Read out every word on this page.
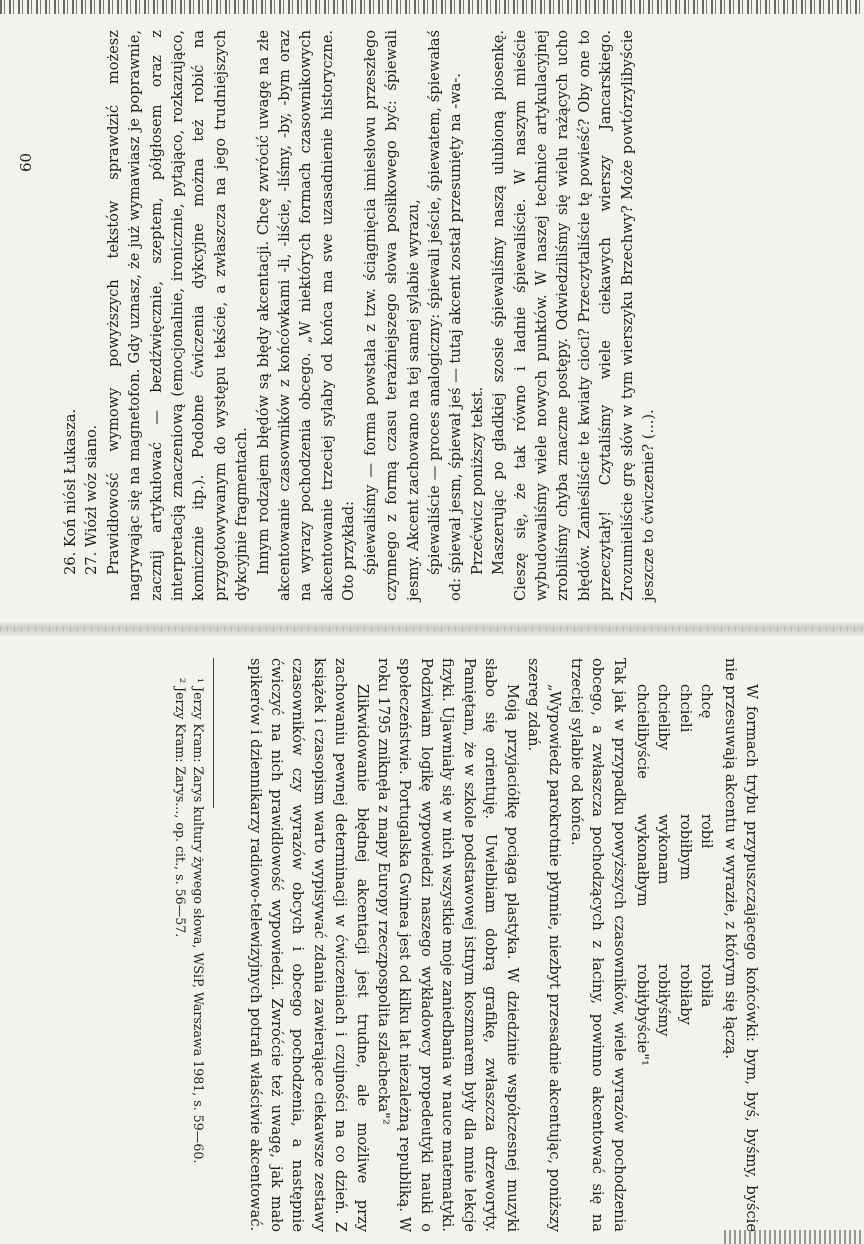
60

26. Koń niósł Łukasza. 27. Wiózł wóz siano. Prawidłowość wymowy powyższych tekstów sprawdzić możesz nagrywając się na magnetofon. Gdy uznasz, że już wymawiasz je poprawnie, zacznij artykułować — bezdźwięcznie, szeptem, półgłosem oraz z interpretacją znaczeniową (emocjonalnie, ironicznie, pytająco, rozkazująco, komicznie itp.). Podobne ćwiczenia dykcyjne można też robić na przygotowywanym do występu tekście, a zwłaszcza na jego trudniejszych dykcyjnie fragmentach. Innym rodzajem błędów są błędy akcentacji. Chcę zwrócić uwagę na złe akcentowanie czasowników z końcówkami -li, -liście, -liśmy, -by, -bym oraz na wyrazy pochodzenia obcego. „W niektórych formach czasownikowych akcentowanie trzeciej sylaby od końca ma swe uzasadnienie historyczne. Oto przykład: śpiewaliśmy — forma powstała z tzw. ściągnięcia imiesłowu przeszłego czynnego z formą czasu teraźniejszego słowa posiłkowego być: śpiewali jesmy. Akcent zachowano na tej samej sylabie wyrazu, śpiewaliście — proces analogiczny: śpiewali jeście, śpiewatem, śpiewałaś od: śpiewał jesm, śpiewał jeś — tutaj akcent został przesunięty na -wa-. Przećwicz poniższy tekst. Maszerując po gładkiej szosie śpiewaliśmy naszą ulubioną piosenkę. Cieszę się, że tak równo i ładnie śpiewaliście. W naszym mieście wybudowaliśmy wiele nowych punktów. W naszej technice artykulacyjnej zrobiliśmy chyba znaczne postępy. Odwiedziliśmy się wielu rażących ucho błędów. Zanieśliście te kwiaty cioci? Przeczytaliście tę powieść? Oby one to przeczytały! Czytaliśmy wiele ciekawych wierszy Jancarskiego. Zrozumieliście grę słów w tym wierszyku Brzechwy? Może powtórzylibyście jeszcze to ćwiczenie? (...).

W formach trybu przypuszczającego końcówki: bym, byś, byśmy, byście nie przesuwają akcentu w wyrazie, z którym się łączą.

chcę
robił
robiła
chcieli
robiłbym
robiłaby
chcieliby
wykonam
robiłyśmy
chcielibyście
wykonałbym
robiłybyście"¹

Tak jak w przypadku powyższych czasowników, wiele wyrazów pochodzenia obcego, a zwłaszcza pochodzących z łaciny, powinno akcentować się na trzeciej sylabie od końca.

„Wypowiedz parokrotnie płynnie, niezbyt przesadnie akcentując, poniższy szereg zdań.

Moją przyjaciółkę pociąga plastyka. W dziedzinie współczesnej muzyki słabo się orientuję. Uwielbiam dobrą grafikę, zwłaszcza drzeworyty. Pamiętam, że w szkole podstawowej istnym koszmarem były dla mnie lekcje fizyki. Ujawniały się w nich wszystkie moje zaniedbania w nauce matematyki. Podziwiam logikę wypowiedzi naszego wykładowcy propedeutyki nauki o społeczeństwie. Portugalska Gwinea jest od kilku lat niezależną republiką. W roku 1795 zniknęła z mapy Europy rzeczpospolita szlachecka"²

Zlikwidowanie błędnej akcentacji jest trudne, ale możliwe przy zachowaniu pewnej determinacji w ćwiczeniach i czujności na co dzień. Z książek i czasopism warto wypisywać zdania zawierające ciekawsze zestawy czasowników czy wyrazów obcych i obcego pochodzenia, a następnie ćwiczyć na nich prawidłowość wypowiedzi. Zwróćcie też uwagę, jak mało spikerów i dziennikarzy radiowo-telewizyjnych potrafi właściwie akcentować.

¹ Jerzy Kram: Zarys kultury żywego słowa, WSiP, Warszawa 1981, s. 59—60.

² Jerzy Kram: Zarys..., op. cit., s. 56—57.
